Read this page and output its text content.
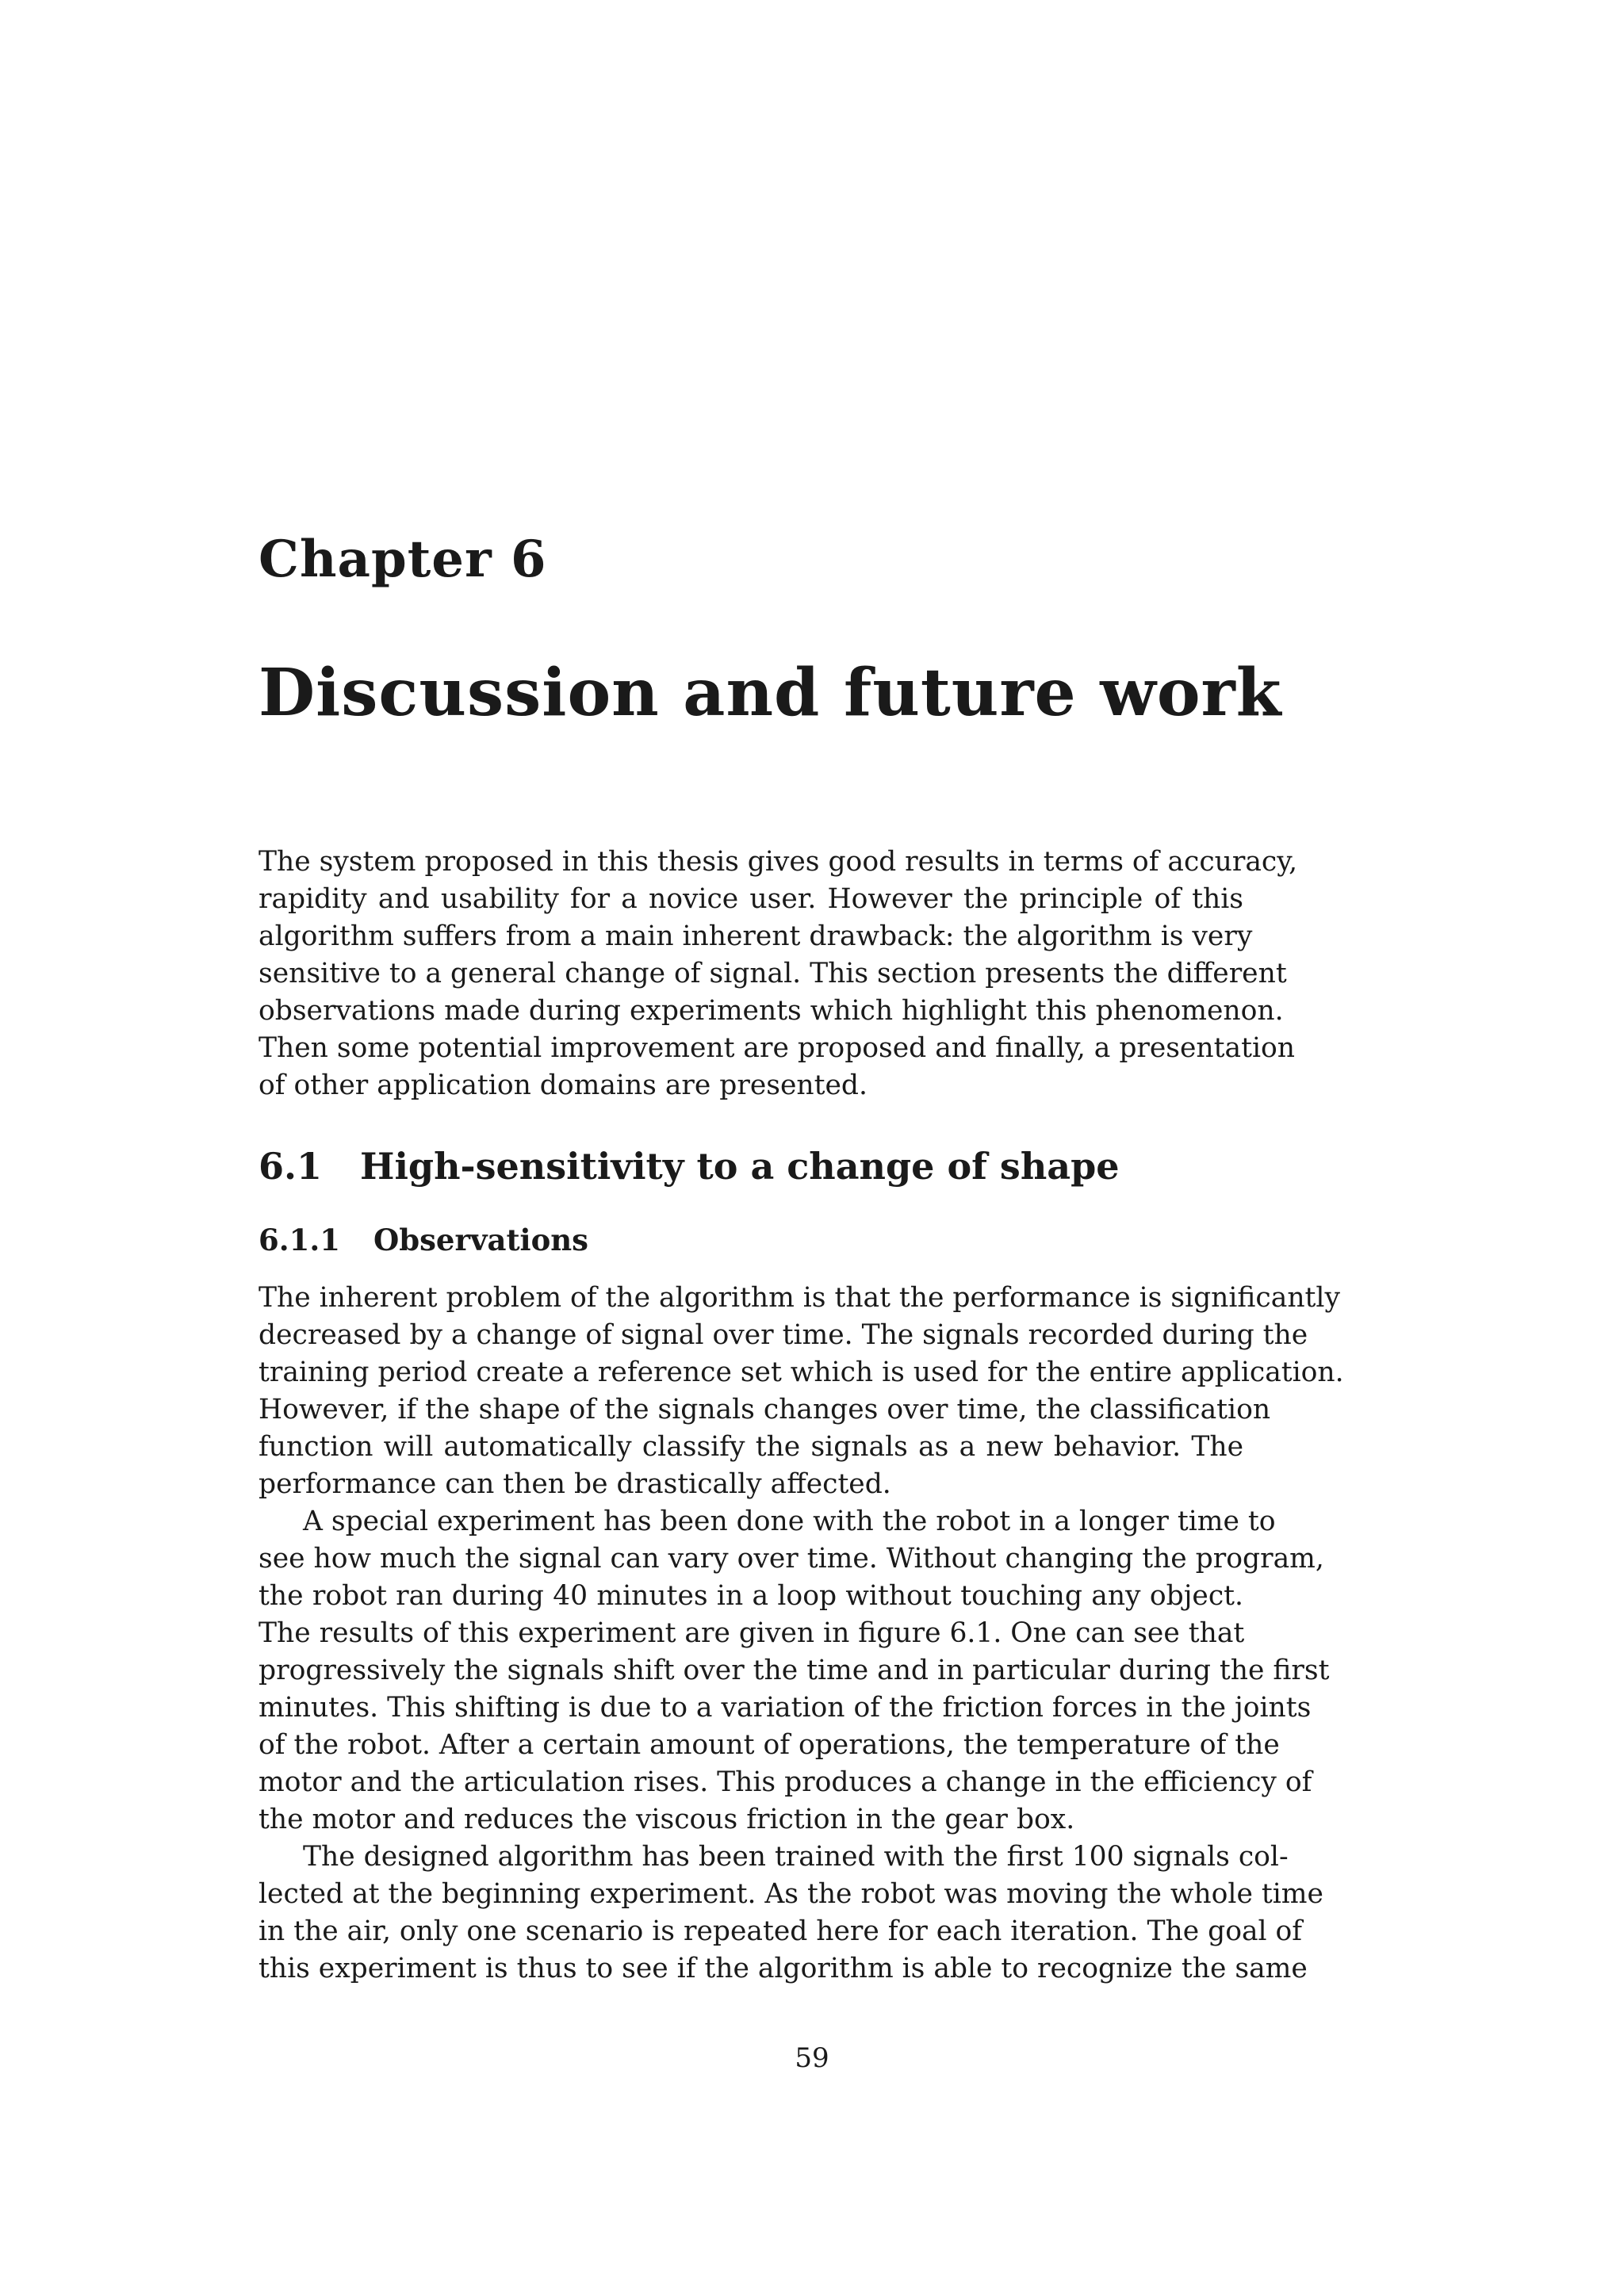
Chapter 6
Discussion and future work
The system proposed in this thesis gives good results in terms of accuracy,
rapidity and usability for a novice user. However the principle of this
algorithm suffers from a main inherent drawback: the algorithm is very
sensitive to a general change of signal. This section presents the different
observations made during experiments which highlight this phenomenon.
Then some potential improvement are proposed and finally, a presentation
of other application domains are presented.
6.1 High-sensitivity to a change of shape
6.1.1 Observations
The inherent problem of the algorithm is that the performance is significantly
decreased by a change of signal over time. The signals recorded during the
training period create a reference set which is used for the entire application.
However, if the shape of the signals changes over time, the classification
function will automatically classify the signals as a new behavior. The
performance can then be drastically affected.
A special experiment has been done with the robot in a longer time to
see how much the signal can vary over time. Without changing the program,
the robot ran during 40 minutes in a loop without touching any object.
The results of this experiment are given in figure 6.1. One can see that
progressively the signals shift over the time and in particular during the first
minutes. This shifting is due to a variation of the friction forces in the joints
of the robot. After a certain amount of operations, the temperature of the
motor and the articulation rises. This produces a change in the efficiency of
the motor and reduces the viscous friction in the gear box.
The designed algorithm has been trained with the first 100 signals col-
lected at the beginning experiment. As the robot was moving the whole time
in the air, only one scenario is repeated here for each iteration. The goal of
this experiment is thus to see if the algorithm is able to recognize the same
59
